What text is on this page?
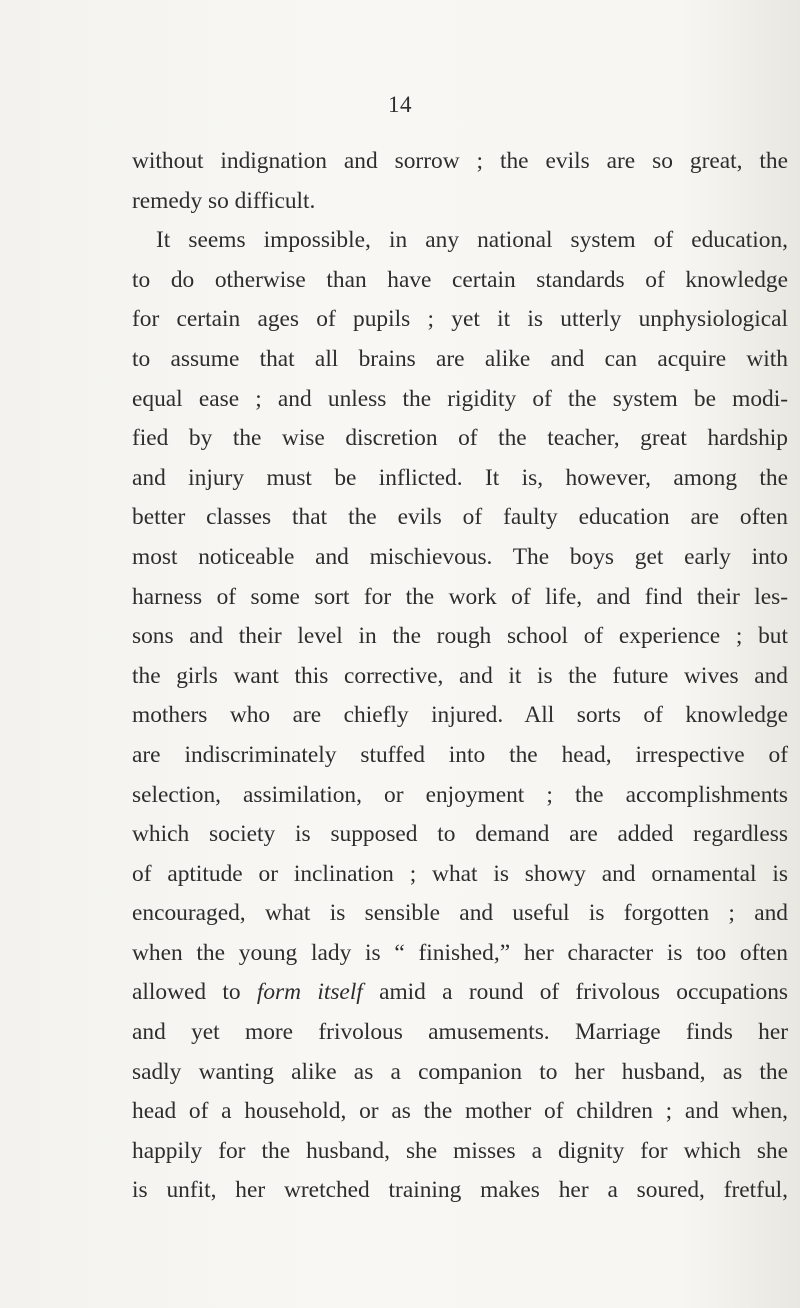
14
without indignation and sorrow ; the evils are so great, the
remedy so difficult.
It seems impossible, in any national system of education,
to do otherwise than have certain standards of knowledge
for certain ages of pupils ; yet it is utterly unphysiological
to assume that all brains are alike and can acquire with
equal ease ; and unless the rigidity of the system be modi-
fied by the wise discretion of the teacher, great hardship
and injury must be inflicted. It is, however, among the
better classes that the evils of faulty education are often
most noticeable and mischievous. The boys get early into
harness of some sort for the work of life, and find their les-
sons and their level in the rough school of experience ; but
the girls want this corrective, and it is the future wives and
mothers who are chiefly injured. All sorts of knowledge
are indiscriminately stuffed into the head, irrespective of
selection, assimilation, or enjoyment ; the accomplishments
which society is supposed to demand are added regardless
of aptitude or inclination ; what is showy and ornamental is
encouraged, what is sensible and useful is forgotten ; and
when the young lady is “ finished,” her character is too often
allowed to form itself amid a round of frivolous occupations
and yet more frivolous amusements. Marriage finds her
sadly wanting alike as a companion to her husband, as the
head of a household, or as the mother of children ; and when,
happily for the husband, she misses a dignity for which she
is unfit, her wretched training makes her a soured, fretful,
